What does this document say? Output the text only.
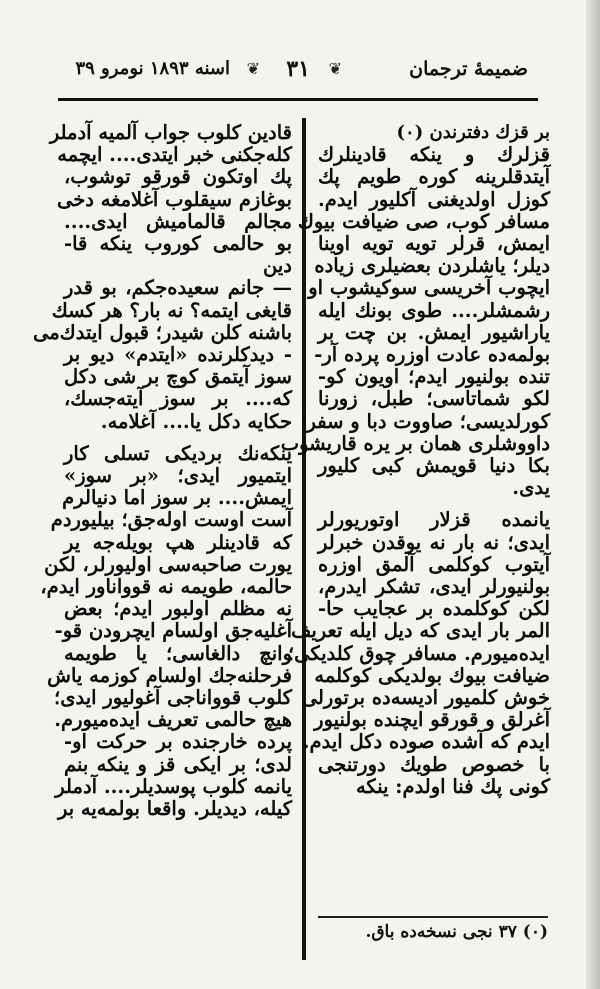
ضميمهٔ ترجمان
❦
٣١
❦
اسنه ١٨٩٣ نومرو ٣٩
بر قزك دفترندن (٠)
قزلرك و ينكه قادينلرك
آيتدقلرينه كوره طويم پك
كوزل اولديغنى آكليور ايدم.
مسافر كوب، صى ضيافت بيوك
ايمش، قرلر تويه تويه اوينا
ديلر؛ ياشلردن بعضيلرى زياده
ايچوب آخريسى سوكيشوب او
رشمشلر.... طوى بونك ايله
ياراشيور ايمش. بن چت بر
بولمه‌ده عادت اوزره پرده آر-
تنده بولنيور ايدم؛ اويون كو-
لكو شماتاسى؛ طبل، زورنا
كورلديسى؛ صاووت دبا و سفرا
داووشلرى همان بر يره قاريشوب
بكا دنيا قويمش كبى كليور
يدى.
يانمده قزلار اوتوريورلر
ايدى؛ نه بار نه يوقدن خبرلر
آيتوب كوكلمى آلمق اوزره
بولنيورلر ايدى، تشكر ايدرم،
لكن كوكلمده بر عجايب حا-
المر بار ايدى كه ديل ايله تعريف
ايده‌ميورم. مسافر چوق كلديكى؛
ضيافت بيوك بولديكى كوكلمه
خوش كلميور اديسه‌ده برتورلى
آغرلق و قورقو ايچنده بولنيور
ايدم كه آشده صوده دكل ايدم.
با خصوص طويك دورتنجى
كونى پك فنا اولدم: ينكه
قادين كلوب جواب آلميه آدملر
كله‌جكنى خبر ايتدى.... ايچمه
پك اوتكون قورقو توشوب،
بوغازم سيقلوب آغلامغه دخى
مجالم قالماميش ايدى....
بو حالمى كوروب ينكه قا-
دين
— جانم سعيده‌جكم، بو قدر
قايغى ايتمه؟ نه بار؟ هر كسك
باشنه كلن شيدر؛ قبول ايتدك‌مى
- ديدكلرنده «ايتدم» ديو بر
سوز آيتمق كوچ بر شى دكل
كه.... بر سوز آيته‌جسك،
حكايه دكل يا.... آغلامه.
ينكه‌نك برديكى تسلى كار
ايتميور ايدى؛ «بر سوز»
ايمش.... بر سوز اما دنيالرم
آست اوست اوله‌جق؛ بيليوردم
كه قادينلر هپ بويله‌جه ير
يورت صاحبه‌سى اوليورلر، لكن
حالمه، طويمه نه قوواناور ايدم،
نه مظلم اولبور ايدم؛ بعض
آغليه‌جق اولسام ايچرودن قو-
وانچ دالغاسى؛ يا طويمه
فرحلنه‌جك اولسام كوزمه ياش
كلوب قوواناجى آغوليور ايدى؛
هيچ حالمى تعريف ايده‌ميورم.
پرده خارجنده بر حركت او-
لدى؛ بر ايكى قز و ينكه بنم
يانمه كلوب پوسديلر.... آدملر
كيله، ديديلر. واقعا بولمه‌يه بر
(٠) ٣٧ نجى نسخه‌ده باق.
